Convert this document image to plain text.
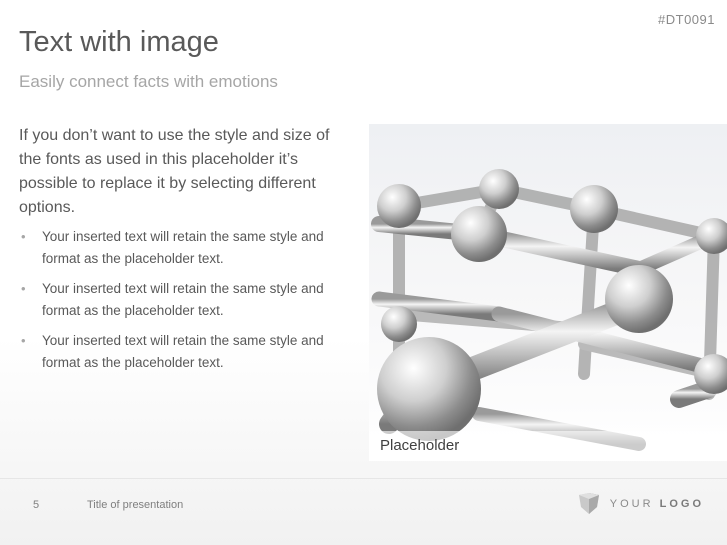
#DT0091
Text with image
Easily connect facts with emotions

If you don’t want to use the style and size of the fonts as used in this placeholder it’s possible to replace it by selecting different options.

• Your inserted text will retain the same style and format as the placeholder text.
• Your inserted text will retain the same style and format as the placeholder text.
• Your inserted text will retain the same style and format as the placeholder text.
Placeholder
5	Title of presentation	YOUR LOGO
